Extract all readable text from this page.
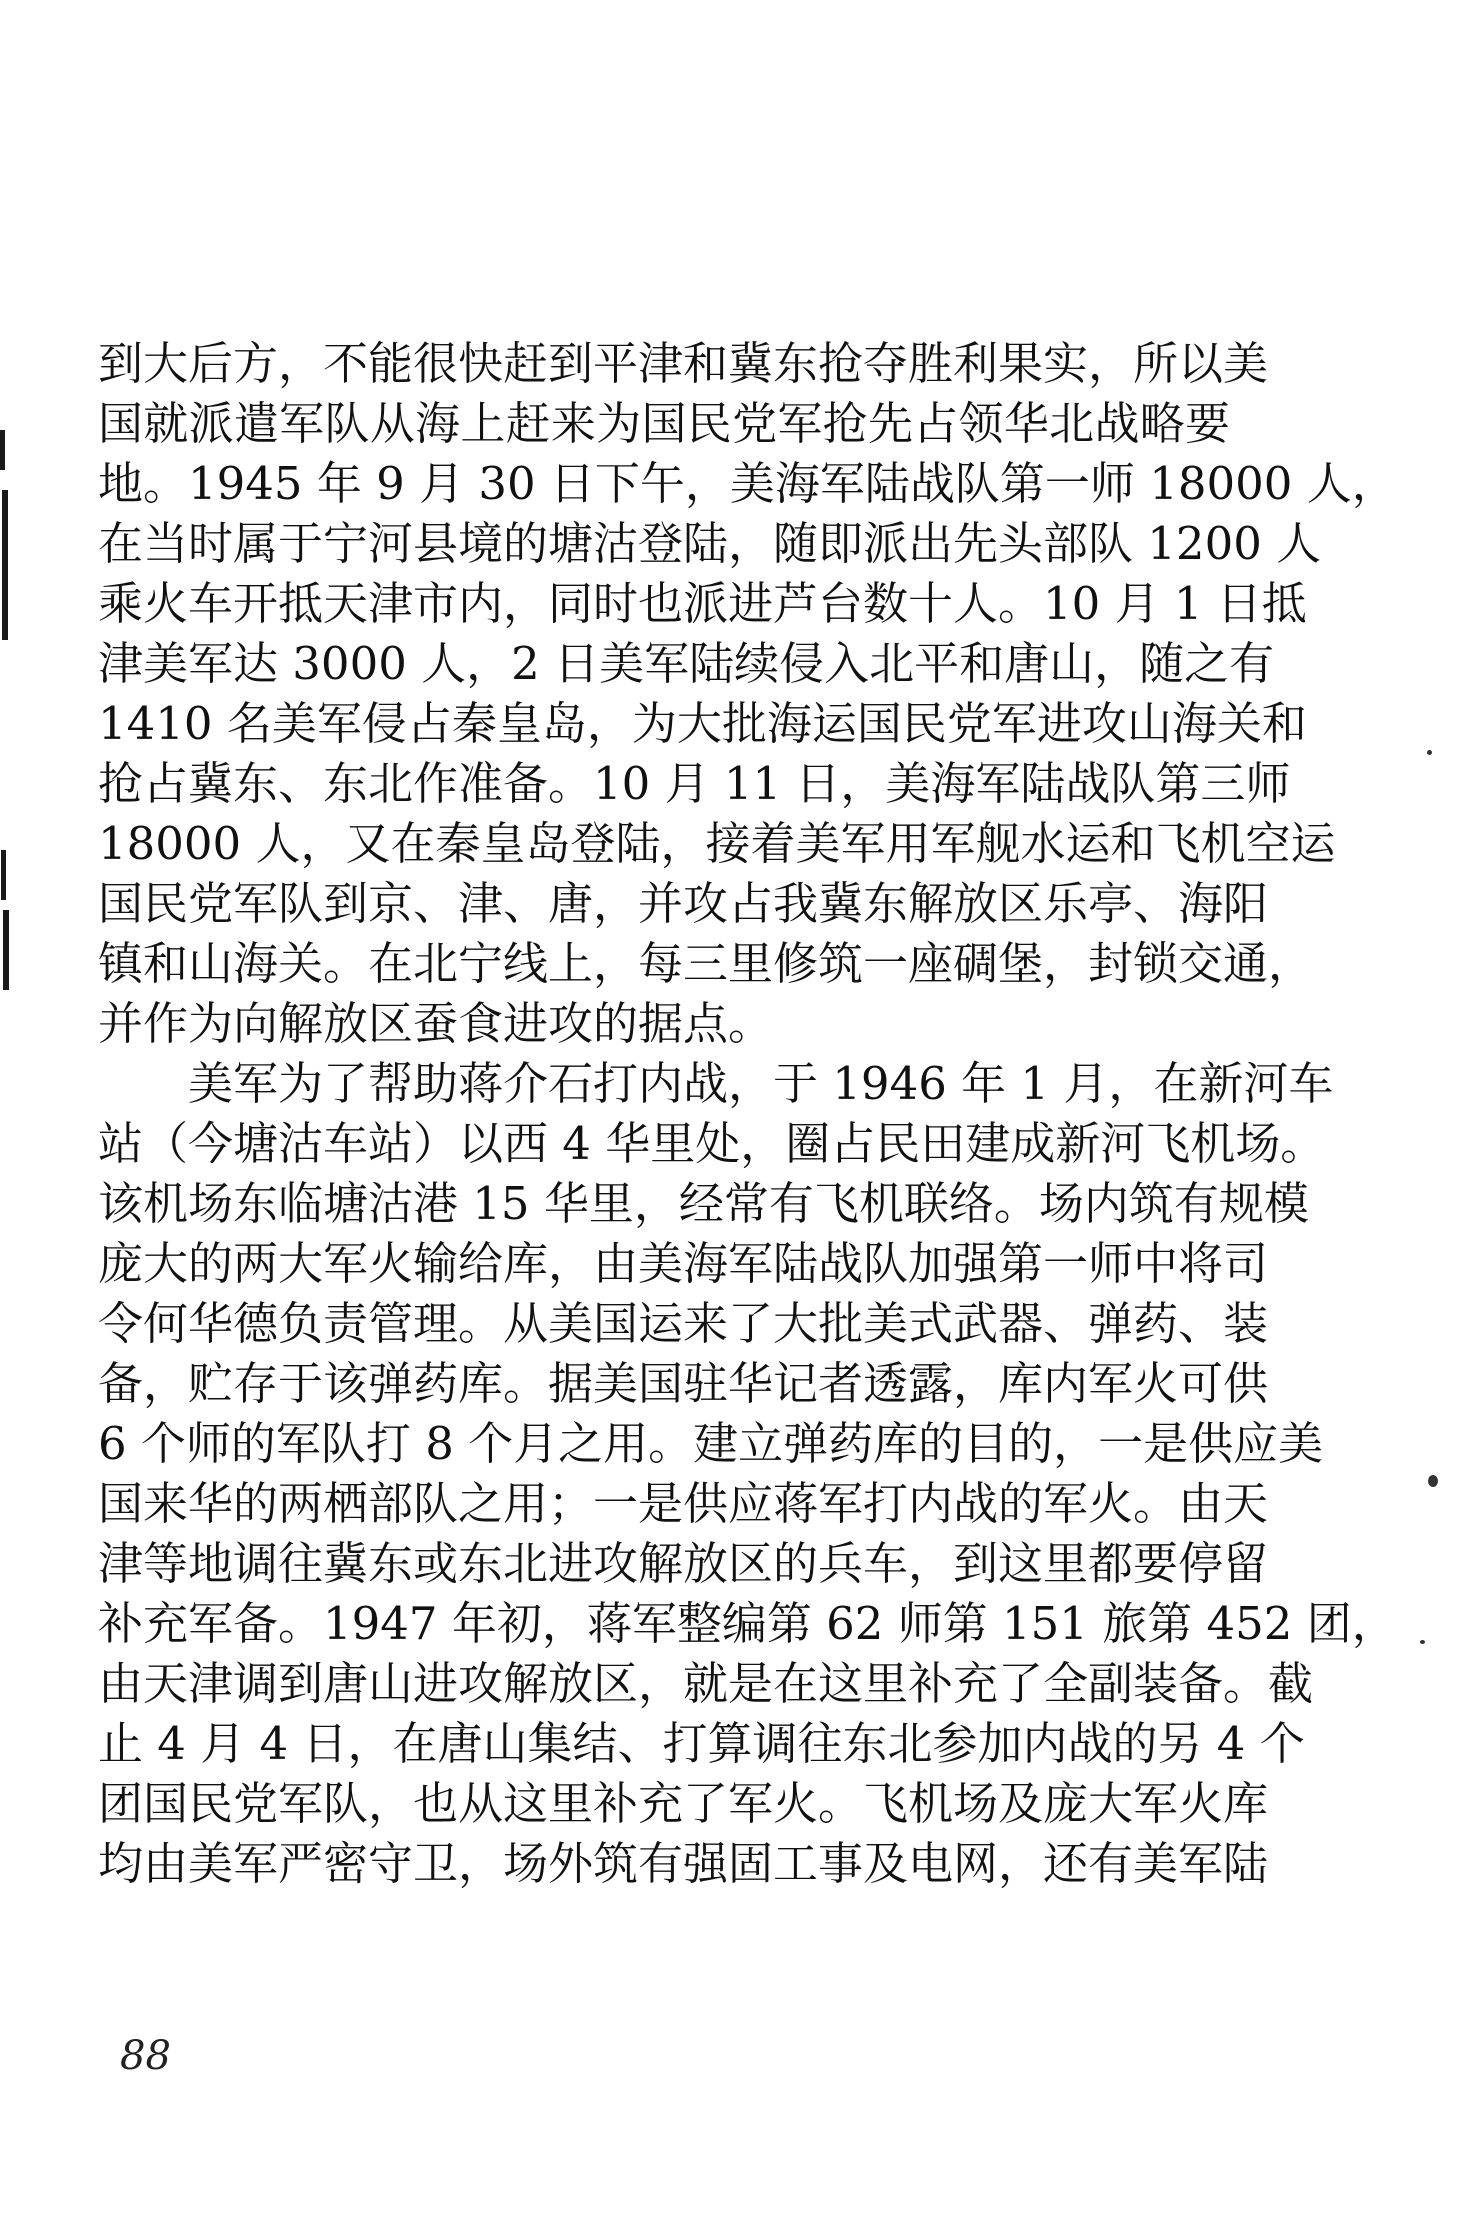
到大后方，不能很快赶到平津和冀东抢夺胜利果实，所以美
国就派遣军队从海上赶来为国民党军抢先占领华北战略要
地。1945 年 9 月 30 日下午，美海军陆战队第一师 18000 人，
在当时属于宁河县境的塘沽登陆，随即派出先头部队 1200 人
乘火车开抵天津市内，同时也派进芦台数十人。10 月 1 日抵
津美军达 3000 人，2 日美军陆续侵入北平和唐山，随之有
1410 名美军侵占秦皇岛，为大批海运国民党军进攻山海关和
抢占冀东、东北作准备。10 月 11 日，美海军陆战队第三师
18000 人，又在秦皇岛登陆，接着美军用军舰水运和飞机空运
国民党军队到京、津、唐，并攻占我冀东解放区乐亭、海阳
镇和山海关。在北宁线上，每三里修筑一座碉堡，封锁交通，
并作为向解放区蚕食进攻的据点。
美军为了帮助蒋介石打内战，于 1946 年 1 月，在新河车
站（今塘沽车站）以西 4 华里处，圈占民田建成新河飞机场。
该机场东临塘沽港 15 华里，经常有飞机联络。场内筑有规模
庞大的两大军火输给库，由美海军陆战队加强第一师中将司
令何华德负责管理。从美国运来了大批美式武器、弹药、装
备，贮存于该弹药库。据美国驻华记者透露，库内军火可供
6 个师的军队打 8 个月之用。建立弹药库的目的，一是供应美
国来华的两栖部队之用；一是供应蒋军打内战的军火。由天
津等地调往冀东或东北进攻解放区的兵车，到这里都要停留
补充军备。1947 年初，蒋军整编第 62 师第 151 旅第 452 团，
由天津调到唐山进攻解放区，就是在这里补充了全副装备。截
止 4 月 4 日，在唐山集结、打算调往东北参加内战的另 4 个
团国民党军队，也从这里补充了军火。飞机场及庞大军火库
均由美军严密守卫，场外筑有强固工事及电网，还有美军陆
88
